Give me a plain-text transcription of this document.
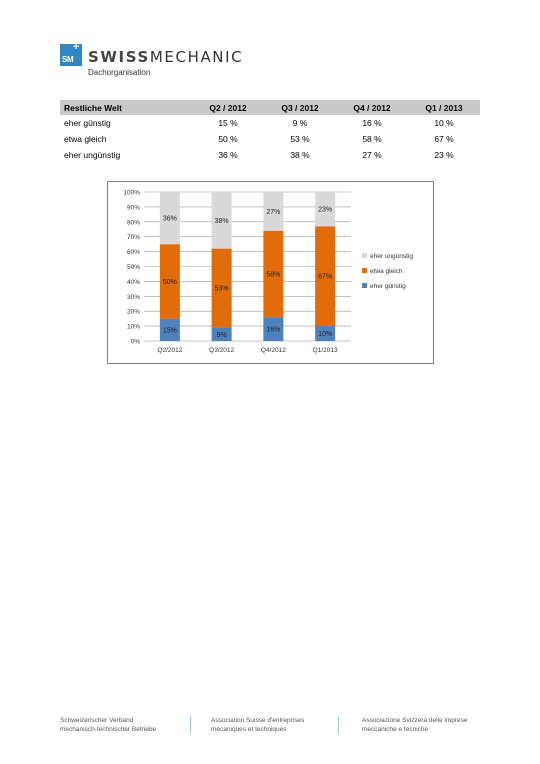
+
SM SWISSMECHANIC
Dachorganisation
Restliche Welt	Q2 / 2012	Q3 / 2012	Q4 / 2012	Q1 / 2013
eher günstig	15 %	9 %	16 %	10 %
etwa gleich	50 %	53 %	58 %	67 %
eher ungünstig	36 %	38 %	27 %	23 %
0%
10%
20%
30%
40%
50%
60%
70%
80%
90%
100%
15%
50%
36%
Q2/2012
9%
53%
38%
Q3/2012
16%
58%
27%
Q4/2012
10%
67%
23%
Q1/2013
eher ungünstig
etwa gleich
eher günstig
Schweizerischer Verband
mechanisch-technischer Betriebe
Association Suisse d'entreprises
mécaniques et techniques
Associazione Svizzera delle imprese
meccaniche e tecniche
